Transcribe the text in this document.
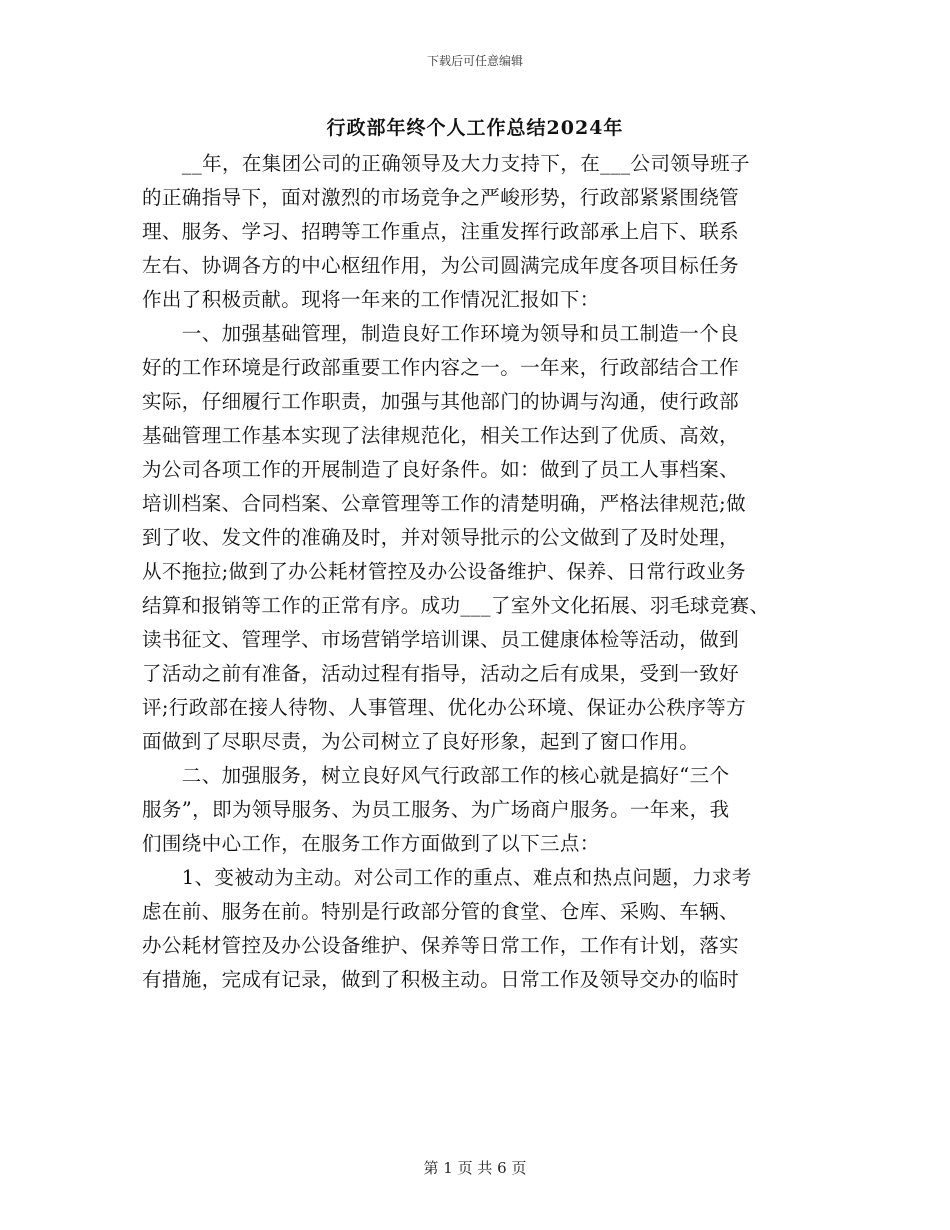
下载后可任意编辑
行政部年终个人工作总结2024年
　　__年，在集团公司的正确领导及大力支持下，在___公司领导班子
的正确指导下，面对激烈的市场竞争之严峻形势，行政部紧紧围绕管
理、服务、学习、招聘等工作重点，注重发挥行政部承上启下、联系
左右、协调各方的中心枢纽作用，为公司圆满完成年度各项目标任务
作出了积极贡献。现将一年来的工作情况汇报如下：
　　一、加强基础管理，制造良好工作环境为领导和员工制造一个良
好的工作环境是行政部重要工作内容之一。一年来，行政部结合工作
实际，仔细履行工作职责，加强与其他部门的协调与沟通，使行政部
基础管理工作基本实现了法律规范化，相关工作达到了优质、高效，
为公司各项工作的开展制造了良好条件。如：做到了员工人事档案、
培训档案、合同档案、公章管理等工作的清楚明确，严格法律规范;做
到了收、发文件的准确及时，并对领导批示的公文做到了及时处理，
从不拖拉;做到了办公耗材管控及办公设备维护、保养、日常行政业务
结算和报销等工作的正常有序。成功___了室外文化拓展、羽毛球竞赛、
读书征文、管理学、市场营销学培训课、员工健康体检等活动，做到
了活动之前有准备，活动过程有指导，活动之后有成果，受到一致好
评;行政部在接人待物、人事管理、优化办公环境、保证办公秩序等方
面做到了尽职尽责，为公司树立了良好形象，起到了窗口作用。
　　二、加强服务，树立良好风气行政部工作的核心就是搞好“三个
服务”，即为领导服务、为员工服务、为广场商户服务。一年来，我
们围绕中心工作，在服务工作方面做到了以下三点：
　　1、变被动为主动。对公司工作的重点、难点和热点问题，力求考
虑在前、服务在前。特别是行政部分管的食堂、仓库、采购、车辆、
办公耗材管控及办公设备维护、保养等日常工作，工作有计划，落实
有措施，完成有记录，做到了积极主动。日常工作及领导交办的临时
第 1 页 共 6 页
